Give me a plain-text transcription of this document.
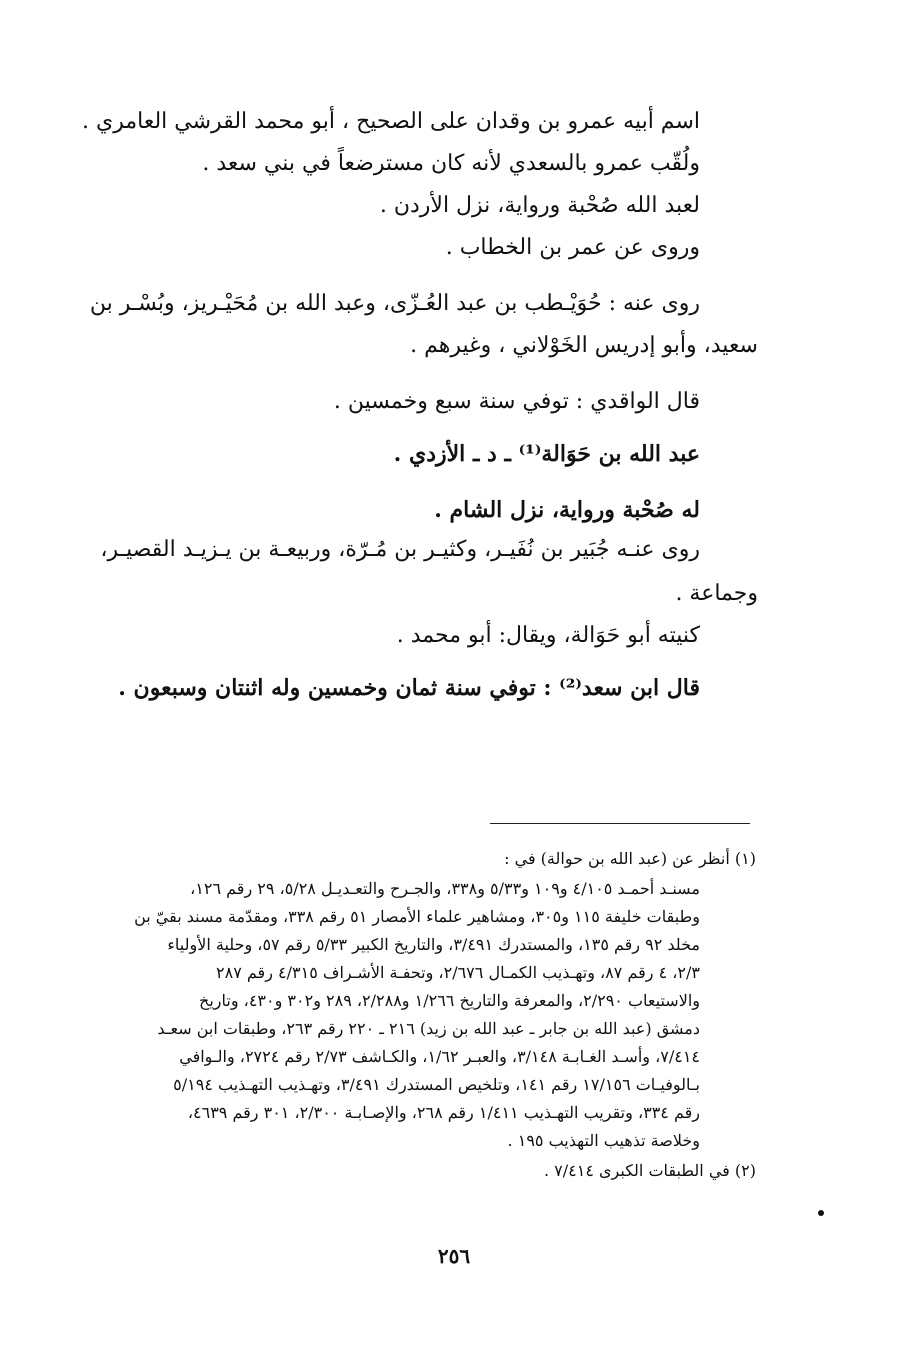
اسم أبيه عمرو بن وقدان على الصحيح ، أبو محمد القرشي العامري .

ولُقّب عمرو بالسعدي لأنه كان مسترضعاً في بني سعد .

لعبد الله صُحْبة ورواية، نزل الأردن .

وروى عن عمر بن الخطاب .

روى عنه : حُوَيْـطب بن عبد العُـزّى، وعبد الله بن مُحَيْـريز، وبُسْـر بن

سعيد، وأبو إدريس الخَوْلاني ، وغيرهم .

قال الواقدي : توفي سنة سبع وخمسين .

عبد الله بن حَوَالة⁽¹⁾ ـ د ـ الأزدي .

له صُحْبة ورواية، نزل الشام .

روى عنـه جُبَير بن نُفَيـر، وكثيـر بن مُـرّة، وربيعـة بن يـزيـد القصيـر،

وجماعة .

كنيته أبو حَوَالة، ويقال: أبو محمد .

قال ابن سعد⁽²⁾ : توفي سنة ثمان وخمسين وله اثنتان وسبعون .

(١) أنظر عن (عبد الله بن حوالة) في :

مسنـد أحمـد ٤/١٠٥ و١٠٩ و٥/٣٣ و٣٣٨، والجـرح والتعـديـل ٥/٢٨، ٢٩ رقم ١٢٦،

وطبقات خليفة ١١٥ و٣٠٥، ومشاهير علماء الأمصار ٥١ رقم ٣٣٨، ومقدّمة مسند بقيّ بن

مخلد ٩٢ رقم ١٣٥، والمستدرك ٣/٤٩١، والتاريخ الكبير ٥/٣٣ رقم ٥٧، وحلية الأولياء

٢/٣، ٤ رقم ٨٧، وتهـذيب الكمـال ٢/٦٧٦، وتحفـة الأشـراف ٤/٣١٥ رقم ٢٨٧

والاستيعاب ٢/٢٩٠، والمعرفة والتاريخ ١/٢٦٦ و٢/٢٨٨، ٢٨٩ و٣٠٢ و٤٣٠، وتاريخ

دمشق (عبد الله بن جابر ـ عبد الله بن زيد) ٢١٦ ـ ٢٢٠ رقم ٢٦٣، وطبقات ابن سعـد

٧/٤١٤، وأسـد الغـابـة ٣/١٤٨، والعبـر ١/٦٢، والكـاشف ٢/٧٣ رقم ٢٧٢٤، والـوافي

بـالوفيـات ١٧/١٥٦ رقم ١٤١، وتلخيص المستدرك ٣/٤٩١، وتهـذيب التهـذيب ٥/١٩٤

رقم ٣٣٤، وتقريب التهـذيب ١/٤١١ رقم ٢٦٨، والإصـابـة ٢/٣٠٠، ٣٠١ رقم ٤٦٣٩،

وخلاصة تذهيب التهذيب ١٩٥ .

(٢) في الطبقات الكبرى ٧/٤١٤ .

٢٥٦
